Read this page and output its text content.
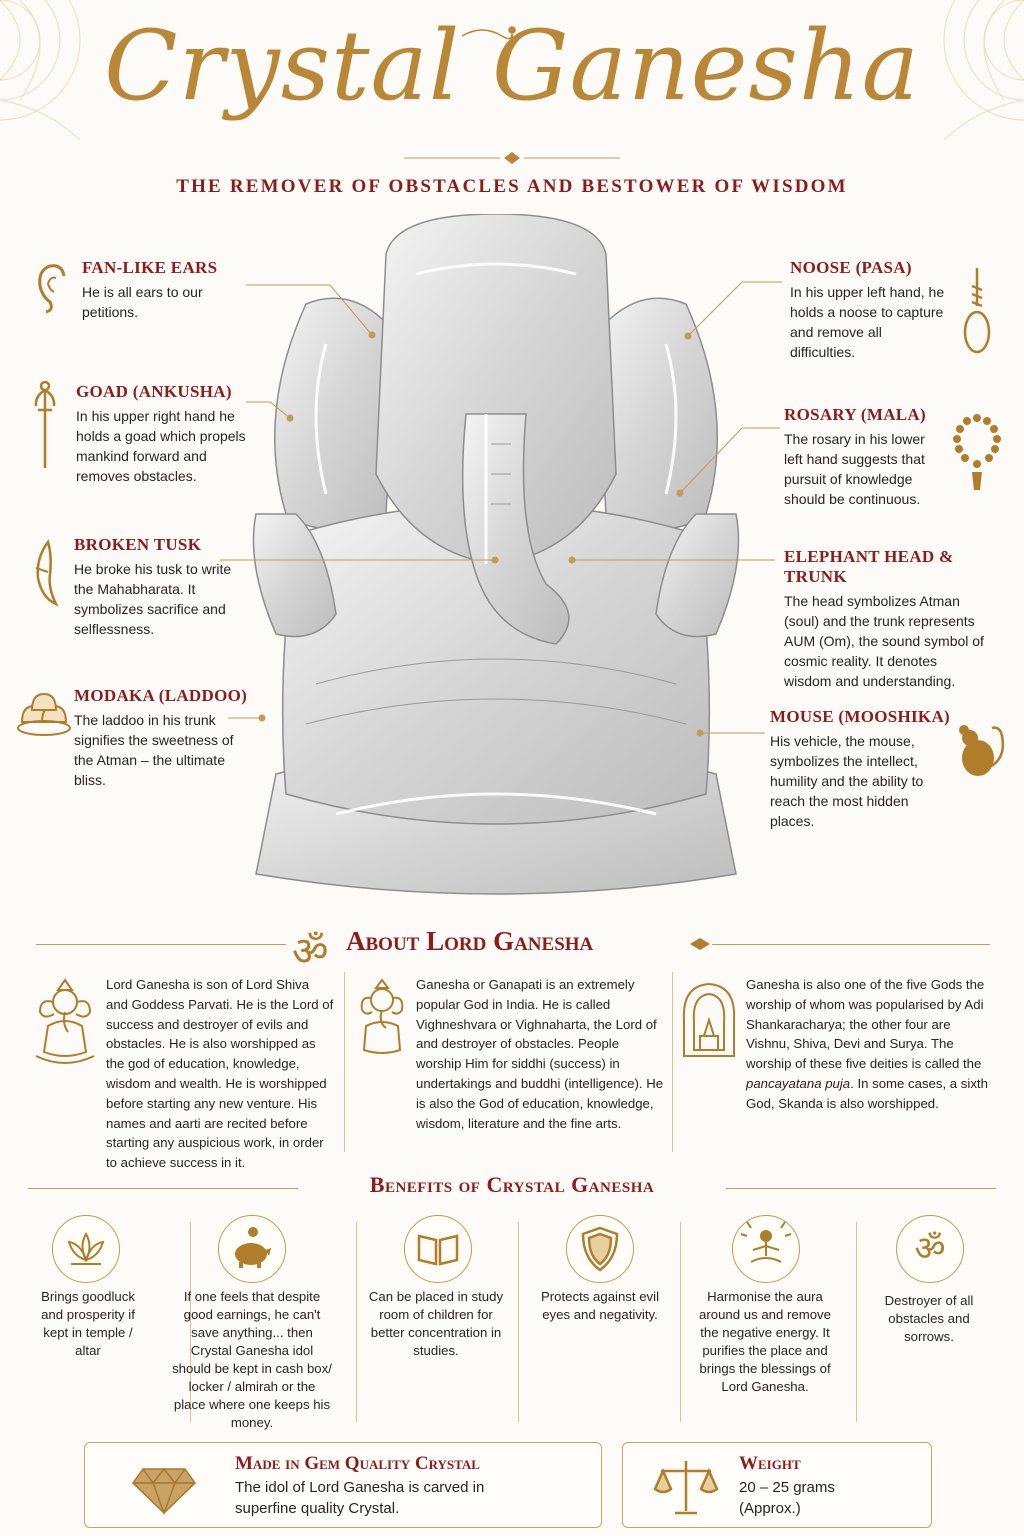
Crystal Ganesha
THE REMOVER OF OBSTACLES AND BESTOWER OF WISDOM
FAN-LIKE EARS

He is all ears to our petitions.

GOAD (ANKUSHA)

In his upper right hand he holds a goad which propels mankind forward and removes obstacles.

BROKEN TUSK

He broke his tusk to write the Mahabharata. It symbolizes sacrifice and selflessness.

MODAKA (LADDOO)

The laddoo in his trunk signifies the sweetness of the Atman – the ultimate bliss.

NOOSE (PASA)

In his upper left hand, he holds a noose to capture and remove all difficulties.

ROSARY (MALA)

The rosary in his lower left hand suggests that pursuit of knowledge should be continuous.

ELEPHANT HEAD & TRUNK

The head symbolizes Atman (soul) and the trunk represents AUM (Om), the sound symbol of cosmic reality. It denotes wisdom and understanding.

MOUSE (MOOSHIKA)

His vehicle, the mouse, symbolizes the intellect, humility and the ability to reach the most hidden places.

ॐ About Lord Ganesha
Lord Ganesha is son of Lord Shiva and Goddess Parvati. He is the Lord of success and destroyer of evils and obstacles. He is also worshipped as the god of education, knowledge, wisdom and wealth. He is worshipped before starting any new venture. His names and aarti are recited before starting any auspicious work, in order to achieve success in it.
Ganesha or Ganapati is an extremely popular God in India. He is called Vighneshvara or Vighnaharta, the Lord of and destroyer of obstacles. People worship Him for siddhi (success) in undertakings and buddhi (intelligence). He is also the God of education, knowledge, wisdom, literature and the fine arts.
Ganesha is also one of the five Gods the worship of whom was popularised by Adi Shankaracharya; the other four are Vishnu, Shiva, Devi and Surya. The worship of these five deities is called the pancayatana puja. In some cases, a sixth God, Skanda is also worshipped.
Benefits of Crystal Ganesha
ॐ
Brings goodluck and prosperity if kept in temple / altar
If one feels that despite good earnings, he can't save anything... then Crystal Ganesha idol should be kept in cash box/ locker / almirah or the place where one keeps his money.
Can be placed in study room of children for better concentration in studies.
Protects against evil eyes and negativity.
Harmonise the aura around us and remove the negative energy. It purifies the place and brings the blessings of Lord Ganesha.
Destroyer of all obstacles and sorrows.
Made in Gem Quality Crystal
The idol of Lord Ganesha is carved in superfine quality Crystal.
Weight
20 – 25 grams (Approx.)
